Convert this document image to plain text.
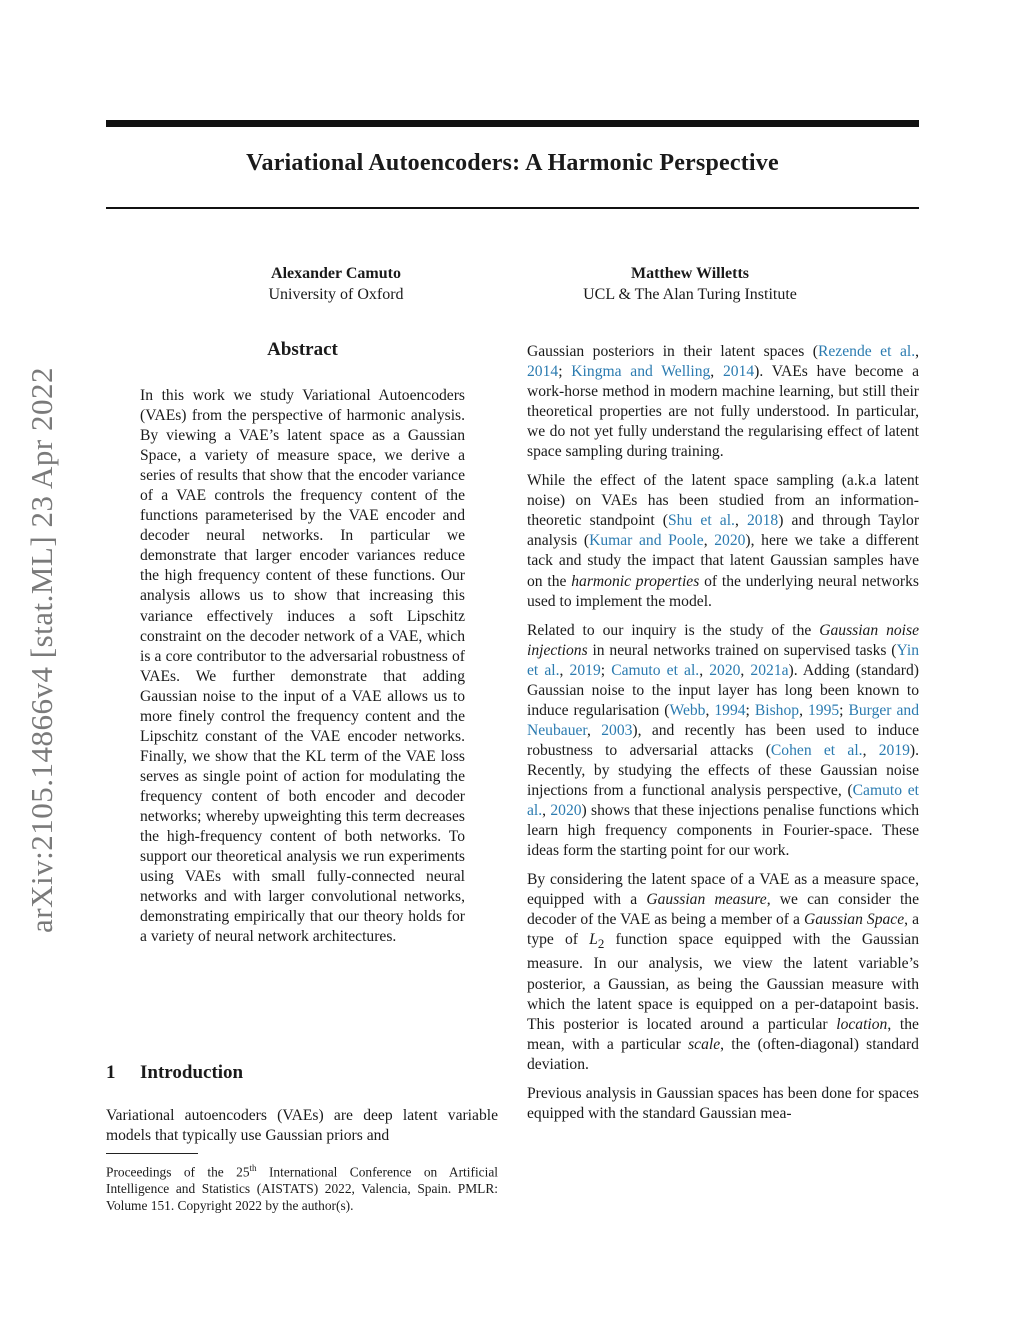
Variational Autoencoders: A Harmonic Perspective
Alexander Camuto
University of Oxford
Matthew Willetts
UCL & The Alan Turing Institute
arXiv:2105.14866v4 [stat.ML] 23 Apr 2022
Abstract
In this work we study Variational Autoencoders (VAEs) from the perspective of harmonic analysis. By viewing a VAE’s latent space as a Gaussian Space, a variety of measure space, we derive a series of results that show that the encoder variance of a VAE controls the frequency content of the functions parameterised by the VAE encoder and decoder neural networks. In particular we demonstrate that larger encoder variances reduce the high frequency content of these functions. Our analysis allows us to show that increasing this variance effectively induces a soft Lipschitz constraint on the decoder network of a VAE, which is a core contributor to the adversarial robustness of VAEs. We further demonstrate that adding Gaussian noise to the input of a VAE allows us to more finely control the frequency content and the Lipschitz constant of the VAE encoder networks. Finally, we show that the KL term of the VAE loss serves as single point of action for modulating the frequency content of both encoder and decoder networks; whereby upweighting this term decreases the high-frequency content of both networks. To support our theoretical analysis we run experiments using VAEs with small fully-connected neural networks and with larger convolutional networks, demonstrating empirically that our theory holds for a variety of neural network architectures.
1 Introduction
Variational autoencoders (VAEs) are deep latent variable models that typically use Gaussian priors and
Proceedings of the 25th International Conference on Artificial Intelligence and Statistics (AISTATS) 2022, Valencia, Spain. PMLR: Volume 151. Copyright 2022 by the author(s).

Gaussian posteriors in their latent spaces (Rezende et al., 2014; Kingma and Welling, 2014). VAEs have become a work-horse method in modern machine learning, but still their theoretical properties are not fully understood. In particular, we do not yet fully understand the regularising effect of latent space sampling during training.

While the effect of the latent space sampling (a.k.a latent noise) on VAEs has been studied from an information-theoretic standpoint (Shu et al., 2018) and through Taylor analysis (Kumar and Poole, 2020), here we take a different tack and study the impact that latent Gaussian samples have on the harmonic properties of the underlying neural networks used to implement the model.

Related to our inquiry is the study of the Gaussian noise injections in neural networks trained on supervised tasks (Yin et al., 2019; Camuto et al., 2020, 2021a). Adding (standard) Gaussian noise to the input layer has long been known to induce regularisation (Webb, 1994; Bishop, 1995; Burger and Neubauer, 2003), and recently has been used to induce robustness to adversarial attacks (Cohen et al., 2019). Recently, by studying the effects of these Gaussian noise injections from a functional analysis perspective, (Camuto et al., 2020) shows that these injections penalise functions which learn high frequency components in Fourier-space. These ideas form the starting point for our work.

By considering the latent space of a VAE as a measure space, equipped with a Gaussian measure, we can consider the decoder of the VAE as being a member of a Gaussian Space, a type of $L_2$ function space equipped with the Gaussian measure. In our analysis, we view the latent variable’s posterior, a Gaussian, as being the Gaussian measure with which the latent space is equipped on a per-datapoint basis. This posterior is located around a particular location, the mean, with a particular scale, the (often-diagonal) standard deviation.

Previous analysis in Gaussian spaces has been done for spaces equipped with the standard Gaussian mea-
